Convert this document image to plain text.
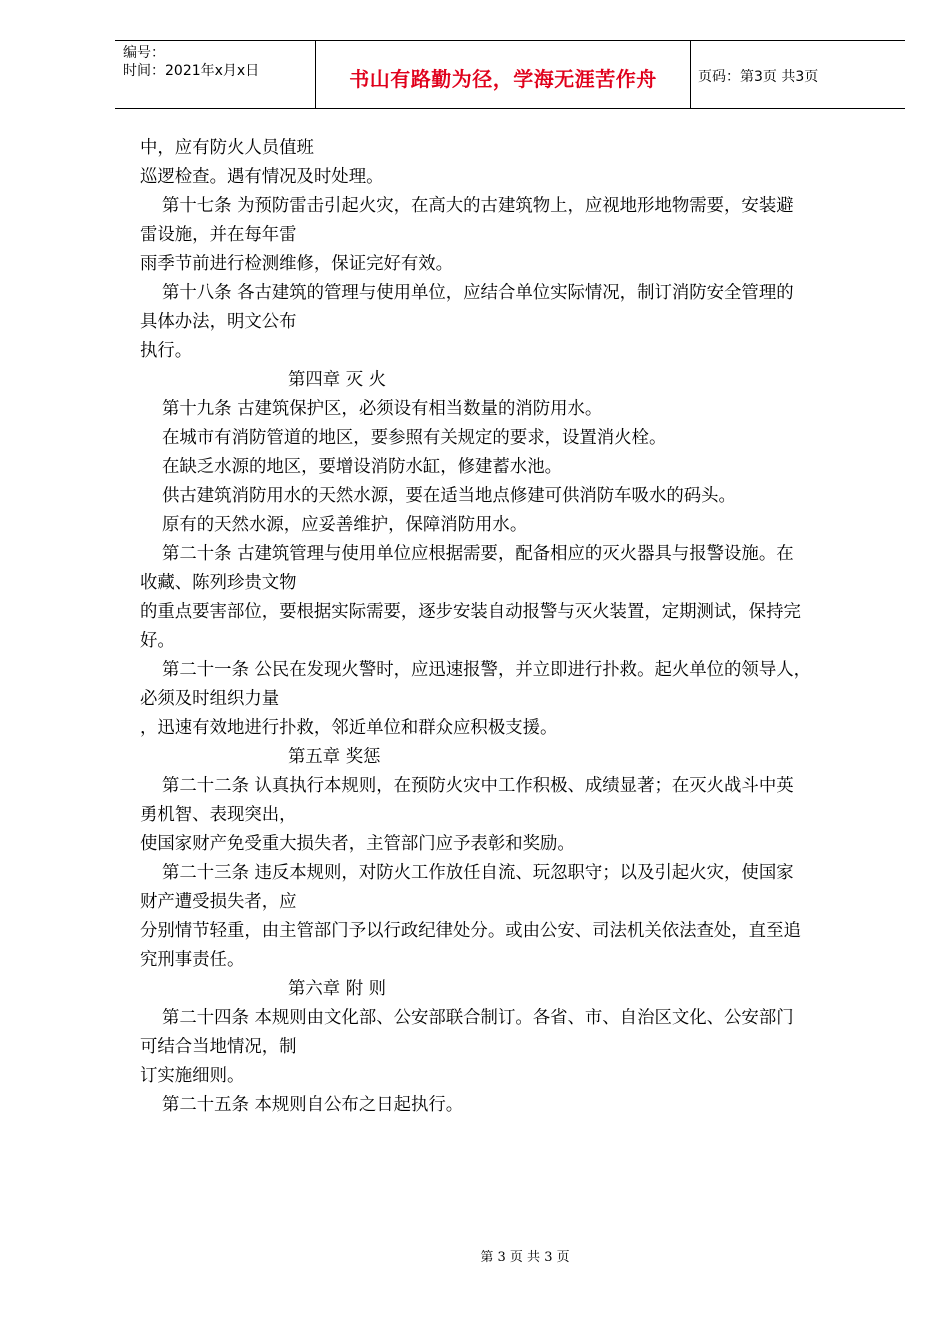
编号：
时间：2021年x月x日	书山有路勤为径，学海无涯苦作舟	页码：第3页 共3页
中，应有防火人员值班
巡逻检查。遇有情况及时处理。
第十七条 为预防雷击引起火灾，在高大的古建筑物上，应视地形地物需要，安装避
雷设施，并在每年雷
雨季节前进行检测维修，保证完好有效。
第十八条 各古建筑的管理与使用单位，应结合单位实际情况，制订消防安全管理的
具体办法，明文公布
执行。
第四章 灭 火
第十九条 古建筑保护区，必须设有相当数量的消防用水。
在城市有消防管道的地区，要参照有关规定的要求，设置消火栓。
在缺乏水源的地区，要增设消防水缸，修建蓄水池。
供古建筑消防用水的天然水源，要在适当地点修建可供消防车吸水的码头。
原有的天然水源，应妥善维护，保障消防用水。
第二十条 古建筑管理与使用单位应根据需要，配备相应的灭火器具与报警设施。在
收藏、陈列珍贵文物
的重点要害部位，要根据实际需要，逐步安装自动报警与灭火装置，定期测试，保持完
好。
第二十一条 公民在发现火警时，应迅速报警，并立即进行扑救。起火单位的领导人，
必须及时组织力量
，迅速有效地进行扑救，邻近单位和群众应积极支援。
第五章 奖惩
第二十二条 认真执行本规则，在预防火灾中工作积极、成绩显著；在灭火战斗中英
勇机智、表现突出，
使国家财产免受重大损失者，主管部门应予表彰和奖励。
第二十三条 违反本规则，对防火工作放任自流、玩忽职守；以及引起火灾，使国家
财产遭受损失者，应
分别情节轻重，由主管部门予以行政纪律处分。或由公安、司法机关依法查处，直至追
究刑事责任。
第六章 附 则
第二十四条 本规则由文化部、公安部联合制订。各省、市、自治区文化、公安部门
可结合当地情况，制
订实施细则。
第二十五条 本规则自公布之日起执行。
第 3 页 共 3 页
